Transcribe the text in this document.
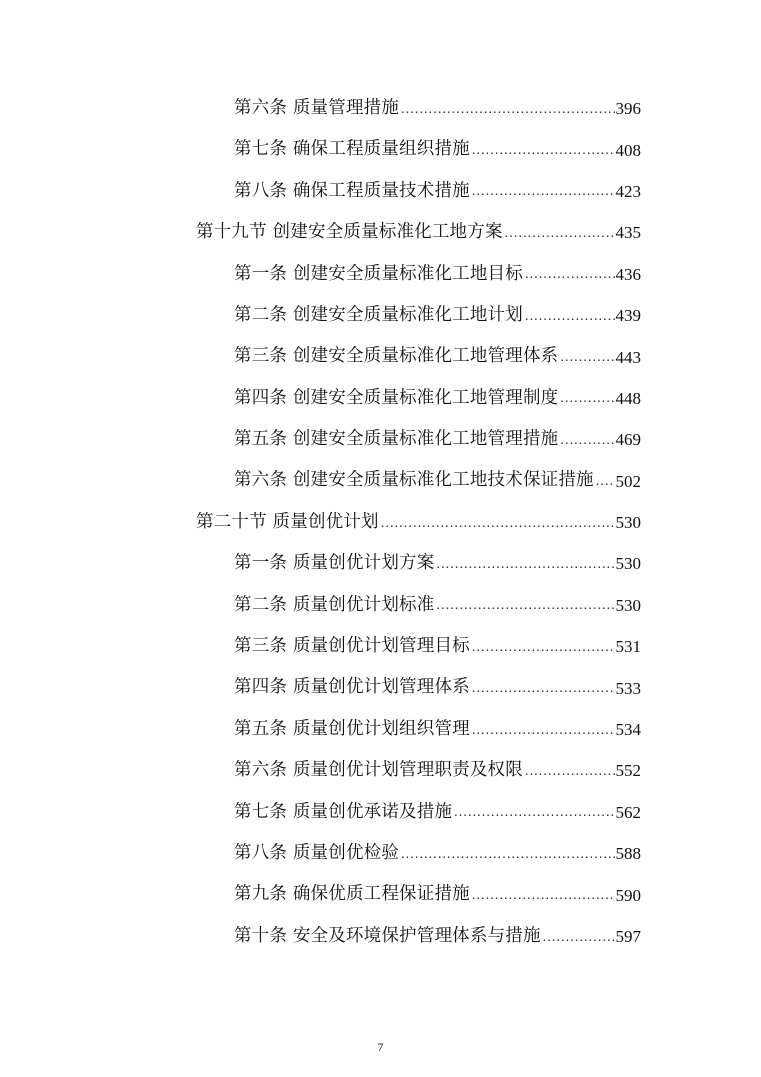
第六条 质量管理措施 .....	396
第七条 确保工程质量组织措施 .....	408
第八条 确保工程质量技术措施 .....	423
第十九节 创建安全质量标准化工地方案 .....	435
第一条 创建安全质量标准化工地目标 .....	436
第二条 创建安全质量标准化工地计划 .....	439
第三条 创建安全质量标准化工地管理体系 .....	443
第四条 创建安全质量标准化工地管理制度 .....	448
第五条 创建安全质量标准化工地管理措施 .....	469
第六条 创建安全质量标准化工地技术保证措施 ..... 502
第二十节 质量创优计划 .....	530
第一条 质量创优计划方案 .....	530
第二条 质量创优计划标准 .....	530
第三条 质量创优计划管理目标 .....	531
第四条 质量创优计划管理体系 .....	533
第五条 质量创优计划组织管理 .....	534
第六条 质量创优计划管理职责及权限 .....	552
第七条 质量创优承诺及措施 .....	562
第八条 质量创优检验 .....	588
第九条 确保优质工程保证措施 .....	590
第十条 安全及环境保护管理体系与措施 .....	597
7
